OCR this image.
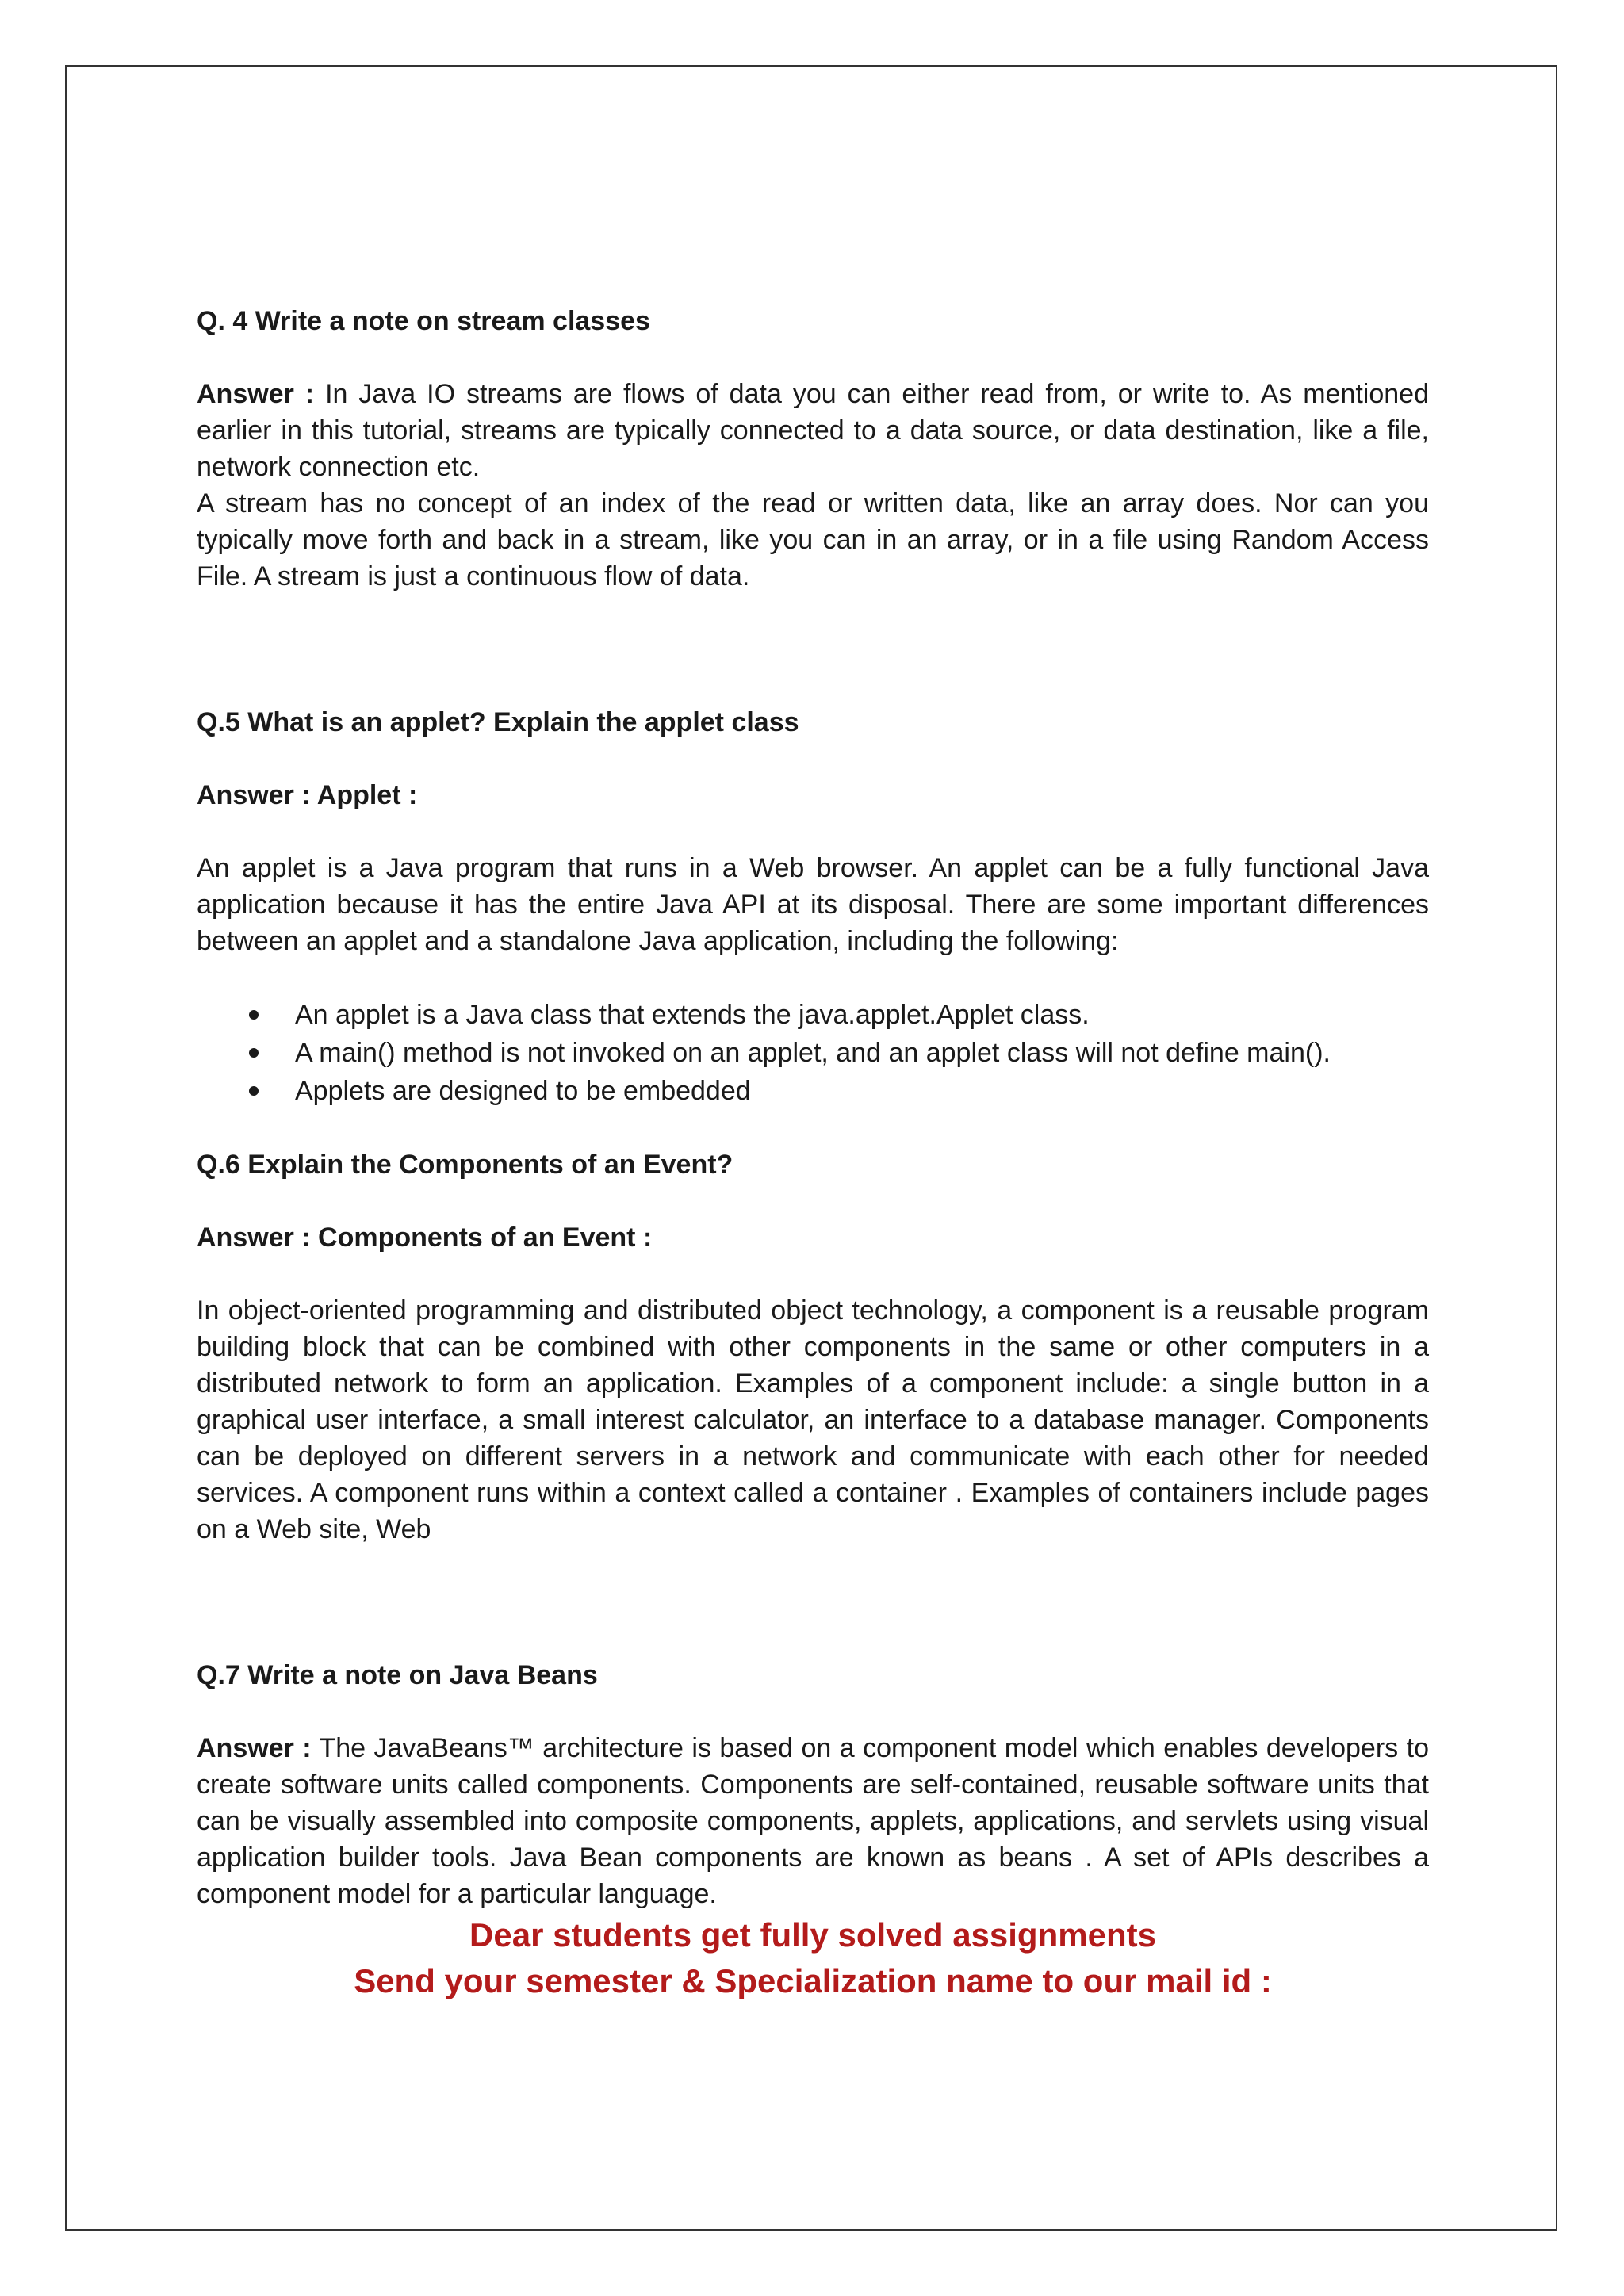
Q. 4 Write a note on stream classes

Answer : In Java IO streams are flows of data you can either read from, or write to. As mentioned earlier in this tutorial, streams are typically connected to a data source, or data destination, like a file, network connection etc.

A stream has no concept of an index of the read or written data, like an array does. Nor can you typically move forth and back in a stream, like you can in an array, or in a file using Random Access File. A stream is just a continuous flow of data.

Q.5 What is an applet? Explain the applet class

Answer : Applet :

An applet is a Java program that runs in a Web browser. An applet can be a fully functional Java application because it has the entire Java API at its disposal. There are some important differences between an applet and a standalone Java application, including the following:

An applet is a Java class that extends the java.applet.Applet class.
A main() method is not invoked on an applet, and an applet class will not define main().
Applets are designed to be embedded

Q.6 Explain the Components of an Event?

Answer : Components of an Event :

In object-oriented programming and distributed object technology, a component is a reusable program building block that can be combined with other components in the same or other computers in a distributed network to form an application. Examples of a component include: a single button in a graphical user interface, a small interest calculator, an interface to a database manager. Components can be deployed on different servers in a network and communicate with each other for needed services. A component runs within a context called a container . Examples of containers include pages on a Web site, Web

Q.7 Write a note on Java Beans

Answer : The JavaBeans™ architecture is based on a component model which enables developers to create software units called components. Components are self-contained, reusable software units that can be visually assembled into composite components, applets, applications, and servlets using visual application builder tools. Java Bean components are known as beans . A set of APIs describes a component model for a particular language.

Dear students get fully solved assignments

Send your semester & Specialization name to our mail id :
